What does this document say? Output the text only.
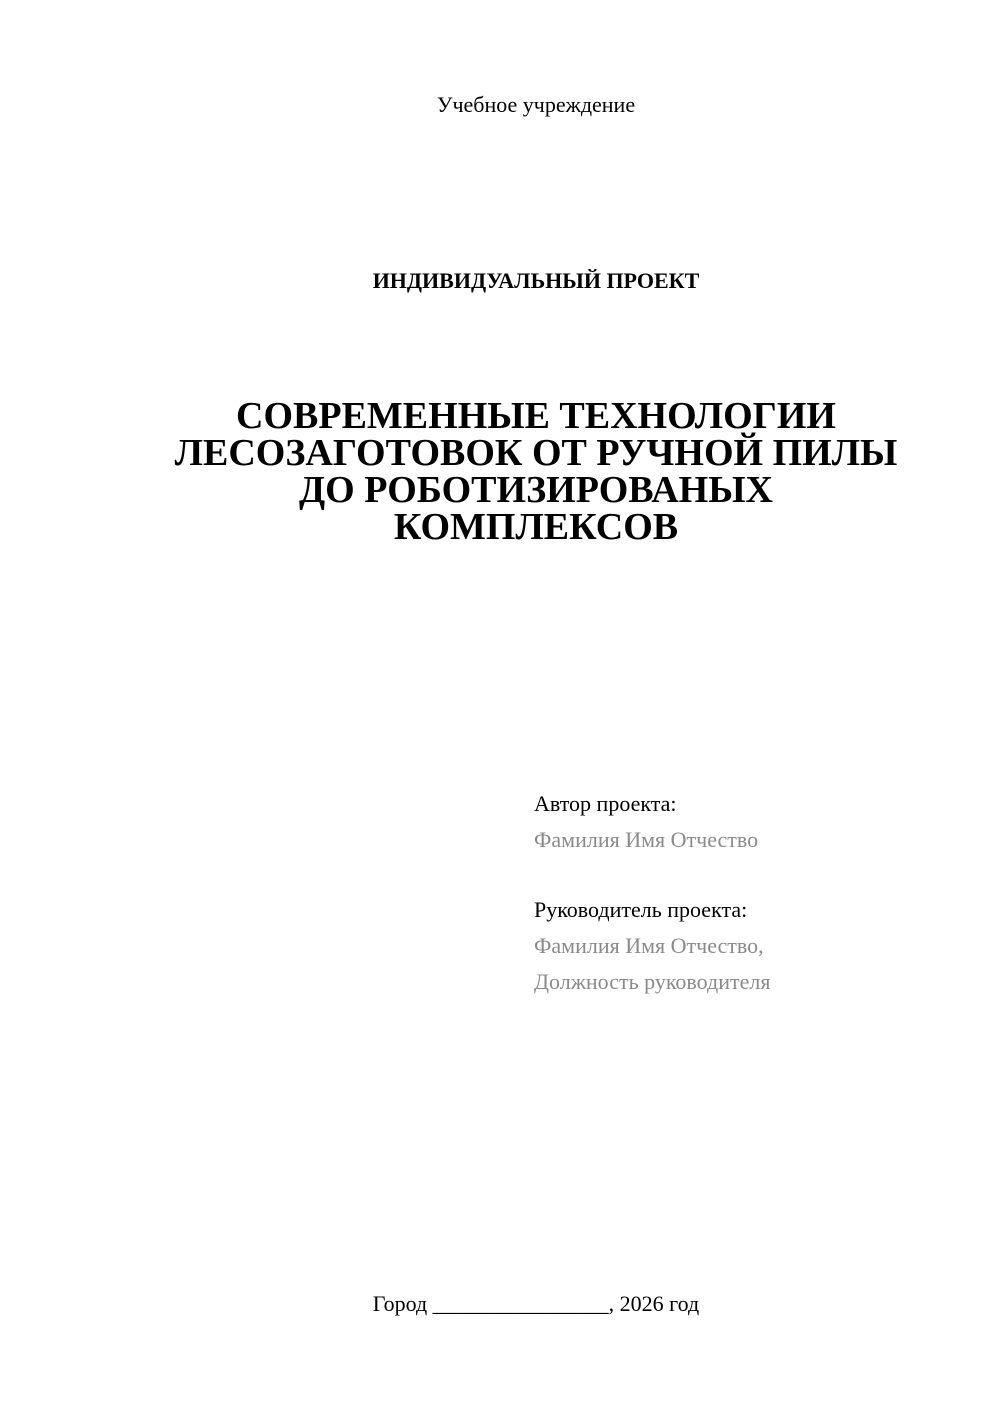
Учебное учреждение
ИНДИВИДУАЛЬНЫЙ ПРОЕКТ
СОВРЕМЕННЫЕ ТЕХНОЛОГИИ
ЛЕСОЗАГОТОВОК ОТ РУЧНОЙ ПИЛЫ
ДО РОБОТИЗИРОВАНЫХ
КОМПЛЕКСОВ
Автор проекта:
Фамилия Имя Отчество
Руководитель проекта:
Фамилия Имя Отчество,
Должность руководителя
Город ________________, 2026 год
